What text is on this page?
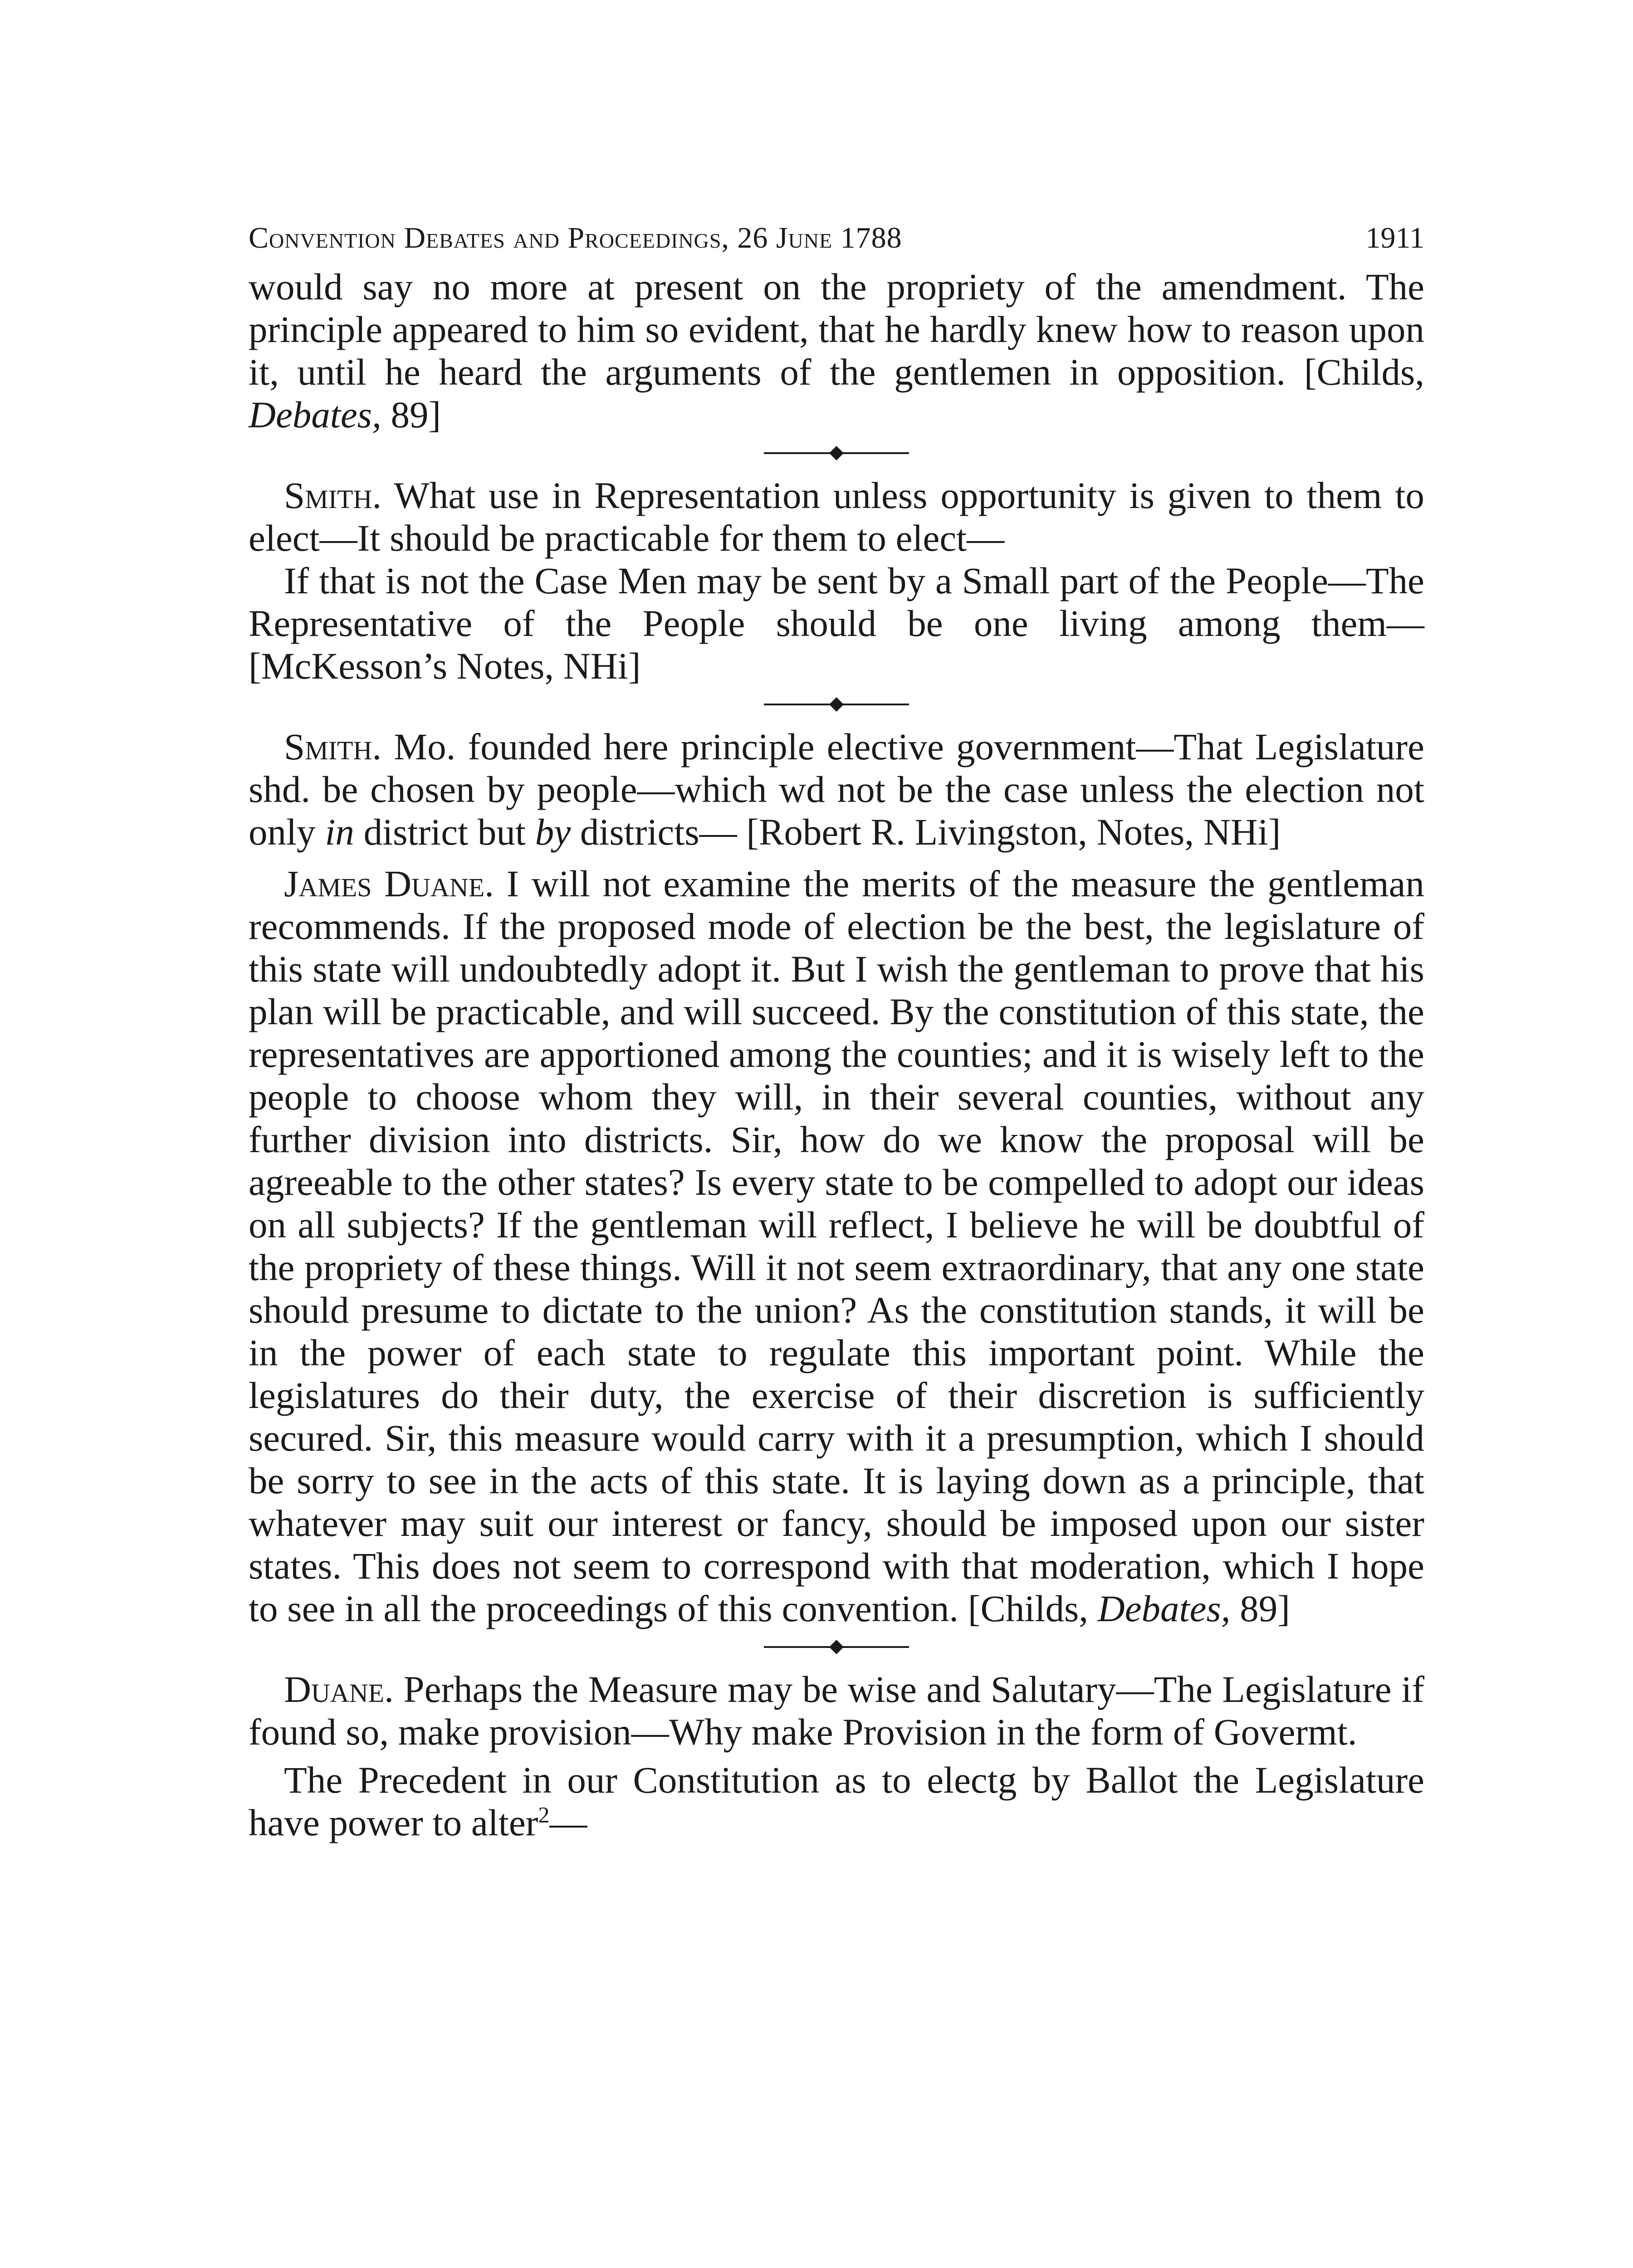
Convention Debates and Proceedings, 26 June 1788	1911

would say no more at present on the propriety of the amendment. The principle appeared to him so evident, that he hardly knew how to reason upon it, until he heard the arguments of the gentlemen in opposition. [Childs, Debates, 89]

Smith. What use in Representation unless opportunity is given to them to elect—It should be practicable for them to elect—

If that is not the Case Men may be sent by a Small part of the People—The Representative of the People should be one living among them— [McKesson’s Notes, NHi]

Smith. Mo. founded here principle elective government—That Legislature shd. be chosen by people—which wd not be the case unless the election not only in district but by districts— [Robert R. Livingston, Notes, NHi]

James Duane. I will not examine the merits of the measure the gentleman recommends. If the proposed mode of election be the best, the legislature of this state will undoubtedly adopt it. But I wish the gentleman to prove that his plan will be practicable, and will succeed. By the constitution of this state, the representatives are apportioned among the counties; and it is wisely left to the people to choose whom they will, in their several counties, without any further division into districts. Sir, how do we know the proposal will be agreeable to the other states? Is every state to be compelled to adopt our ideas on all subjects? If the gentleman will reflect, I believe he will be doubtful of the propriety of these things. Will it not seem extraordinary, that any one state should presume to dictate to the union? As the constitution stands, it will be in the power of each state to regulate this important point. While the legislatures do their duty, the exercise of their discretion is sufficiently secured. Sir, this measure would carry with it a presumption, which I should be sorry to see in the acts of this state. It is laying down as a principle, that whatever may suit our interest or fancy, should be imposed upon our sister states. This does not seem to correspond with that moderation, which I hope to see in all the proceedings of this convention. [Childs, Debates, 89]

Duane. Perhaps the Measure may be wise and Salutary—The Legislature if found so, make provision—Why make Provision in the form of Govermt.

The Precedent in our Constitution as to electg by Ballot the Legislature have power to alter$^2$—
